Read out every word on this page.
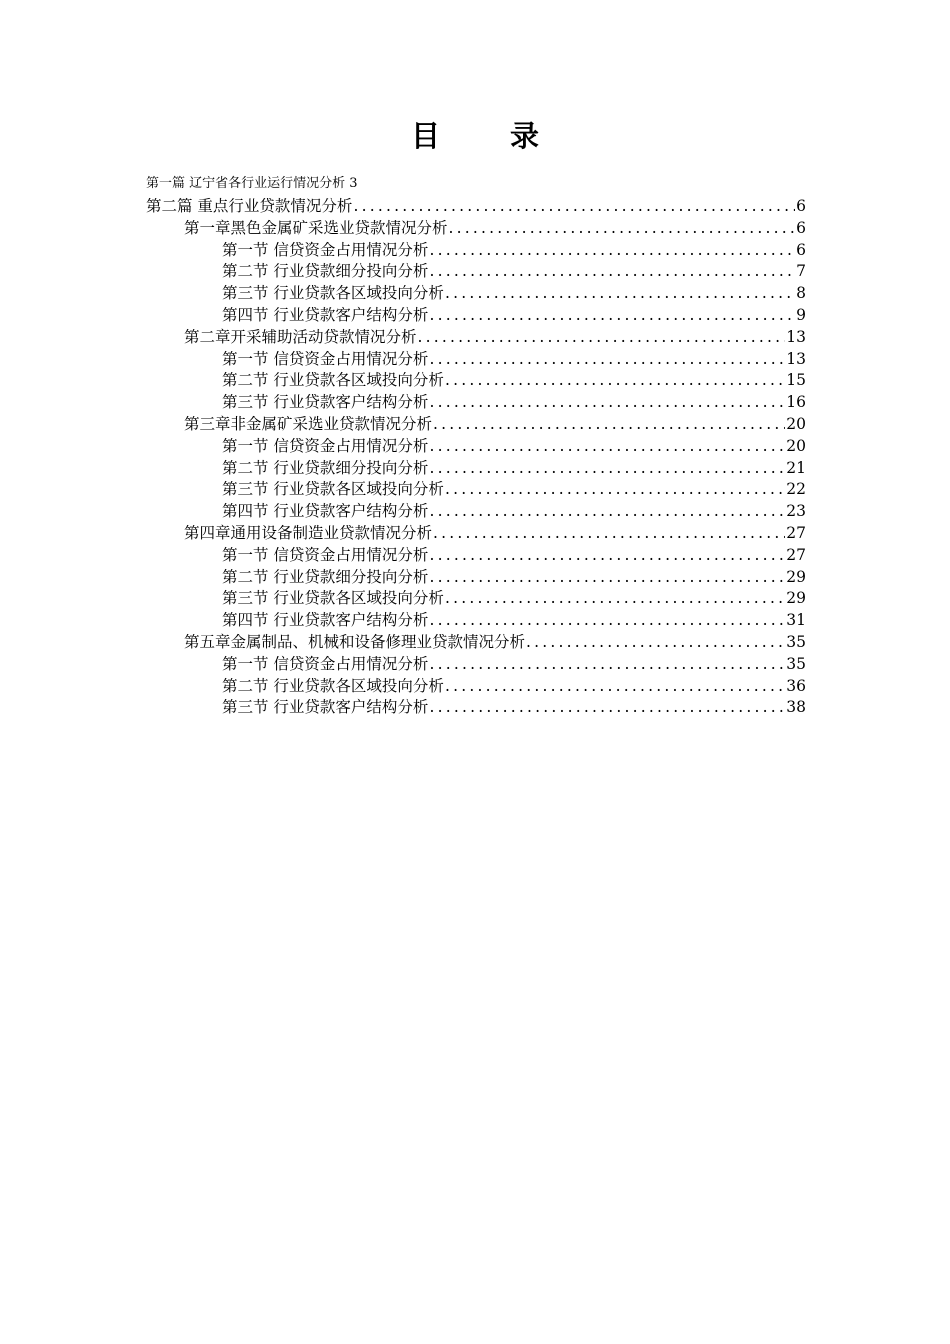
目 录
第一篇 辽宁省各行业运行情况分析 3
第二篇 重点行业贷款情况分析 .....	6
第一章黑色金属矿采选业贷款情况分析 .....	6
第一节 信贷资金占用情况分析 .....	6
第二节 行业贷款细分投向分析 .....	7
第三节 行业贷款各区域投向分析 .....	8
第四节 行业贷款客户结构分析 .....	9
第二章开采辅助活动贷款情况分析 .....	13
第一节 信贷资金占用情况分析 .....	13
第二节 行业贷款各区域投向分析 .....	15
第三节 行业贷款客户结构分析 .....	16
第三章非金属矿采选业贷款情况分析 .....	20
第一节 信贷资金占用情况分析 .....	20
第二节 行业贷款细分投向分析 .....	21
第三节 行业贷款各区域投向分析 .....	22
第四节 行业贷款客户结构分析 .....	23
第四章通用设备制造业贷款情况分析 .....	27
第一节 信贷资金占用情况分析 .....	27
第二节 行业贷款细分投向分析 .....	29
第三节 行业贷款各区域投向分析 .....	29
第四节 行业贷款客户结构分析 .....	31
第五章金属制品、机械和设备修理业贷款情况分析 .....	35
第一节 信贷资金占用情况分析 .....	35
第二节 行业贷款各区域投向分析 .....	36
第三节 行业贷款客户结构分析 .....	38
